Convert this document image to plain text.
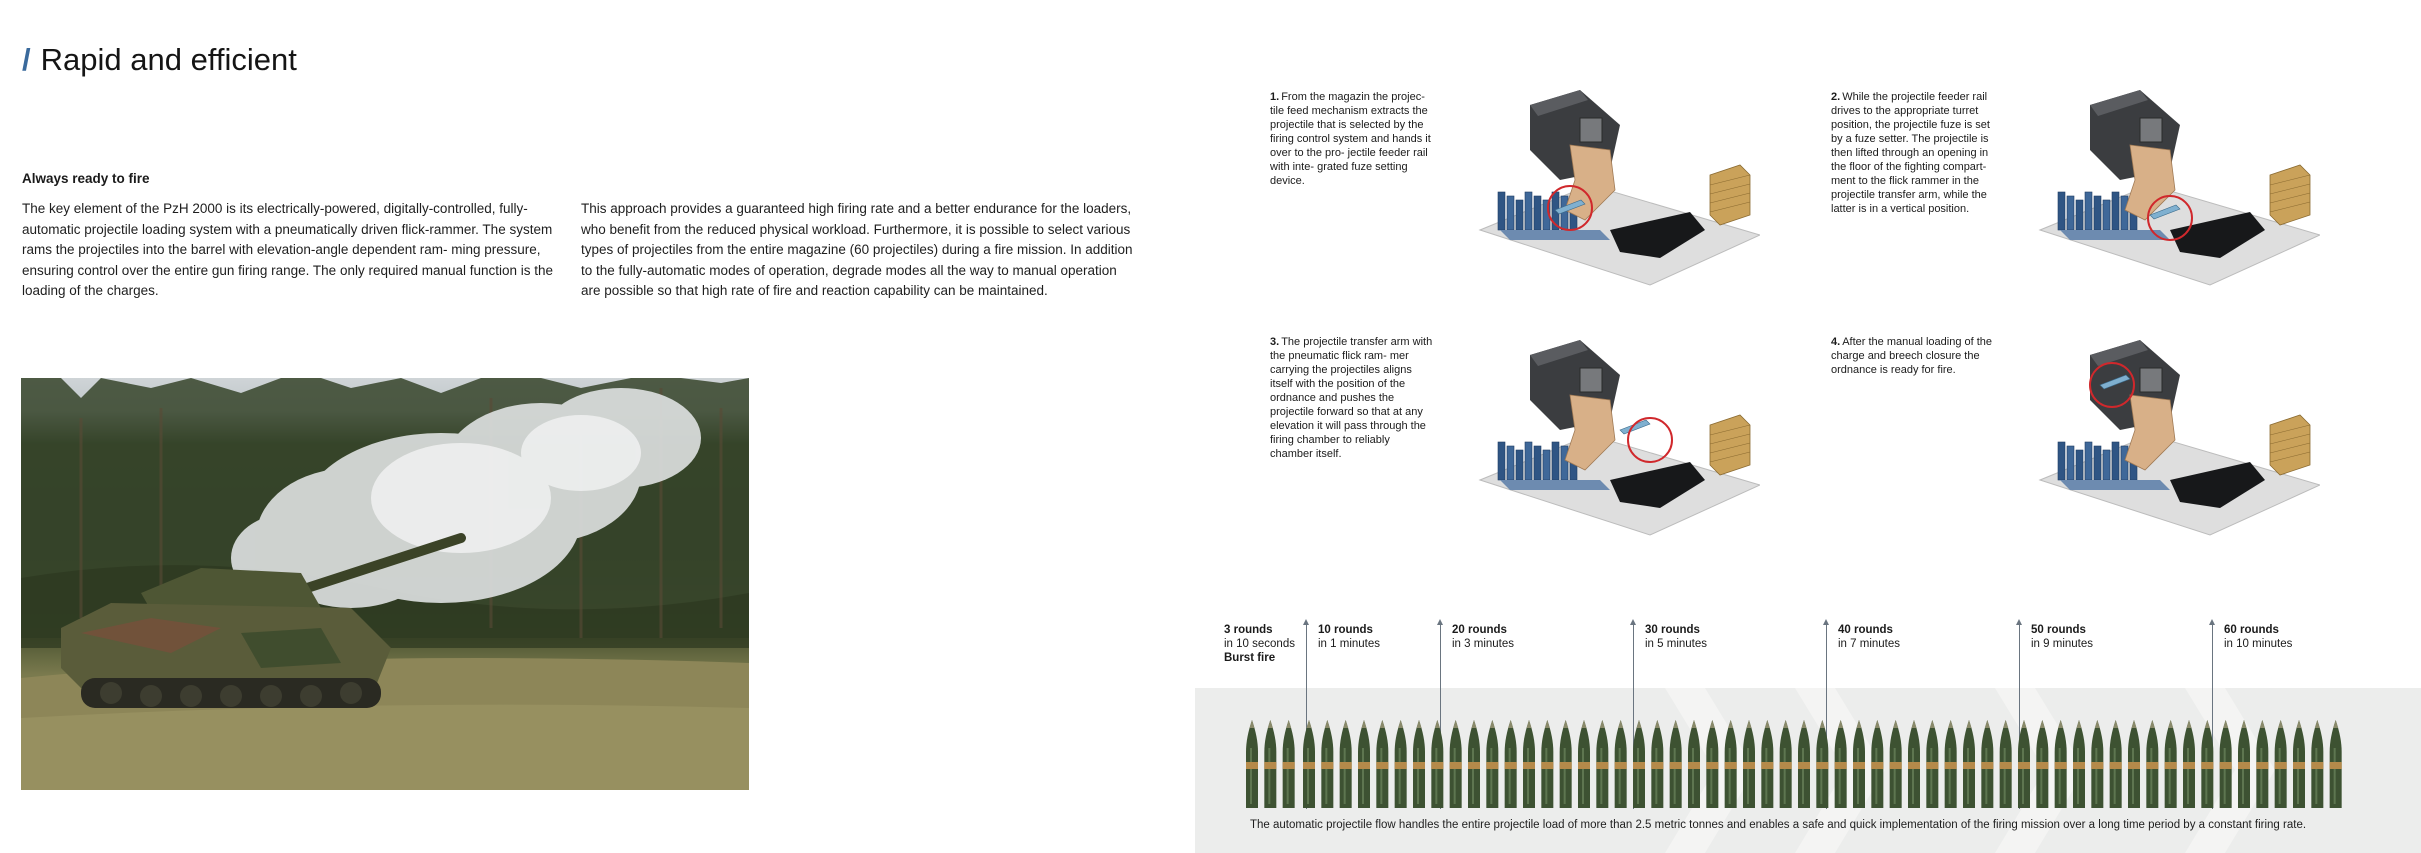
/ Rapid and efficient
Always ready to fire
The key element of the PzH 2000 is its electrically-powered, digitally-controlled, fully- automatic projectile loading system with a pneumatically driven flick-rammer. The system rams the projectiles into the barrel with elevation-angle dependent ram- ming pressure, ensuring control over the entire gun firing range. The only required manual function is the loading of the charges.
This approach provides a guaranteed high firing rate and a better endurance for the loaders, who benefit from the reduced physical workload. Furthermore, it is possible to select various types of projectiles from the entire magazine (60 projectiles) during a fire mission. In addition to the fully-automatic modes of operation, degrade modes all the way to manual operation are possible so that high rate of fire and reaction capability can be maintained.
1. From the magazin the projec- tile feed mechanism extracts the projectile that is selected by the firing control system and hands it over to the pro- jectile feeder rail with inte- grated fuze setting device.
2. While the projectile feeder rail drives to the appropriate turret position, the projectile fuze is set by a fuze setter. The projectile is then lifted through an opening in the floor of the fighting compart- ment to the flick rammer in the projectile transfer arm, while the latter is in a vertical position.
3. The projectile transfer arm with the pneumatic flick ram- mer carrying the projectiles aligns itself with the position of the ordnance and pushes the projectile forward so that at any elevation it will pass through the firing chamber to reliably chamber itself.
4. After the manual loading of the charge and breech closure the ordnance is ready for fire.
3 rounds
in 10 seconds
Burst fire
10 rounds
in 1 minutes
20 rounds
in 3 minutes
30 rounds
in 5 minutes
40 rounds
in 7 minutes
50 rounds
in 9 minutes
60 rounds
in 10 minutes
The automatic projectile flow handles the entire projectile load of more than 2.5 metric tonnes and enables a safe and quick implementation of the firing mission over a long time period by a constant firing rate.
